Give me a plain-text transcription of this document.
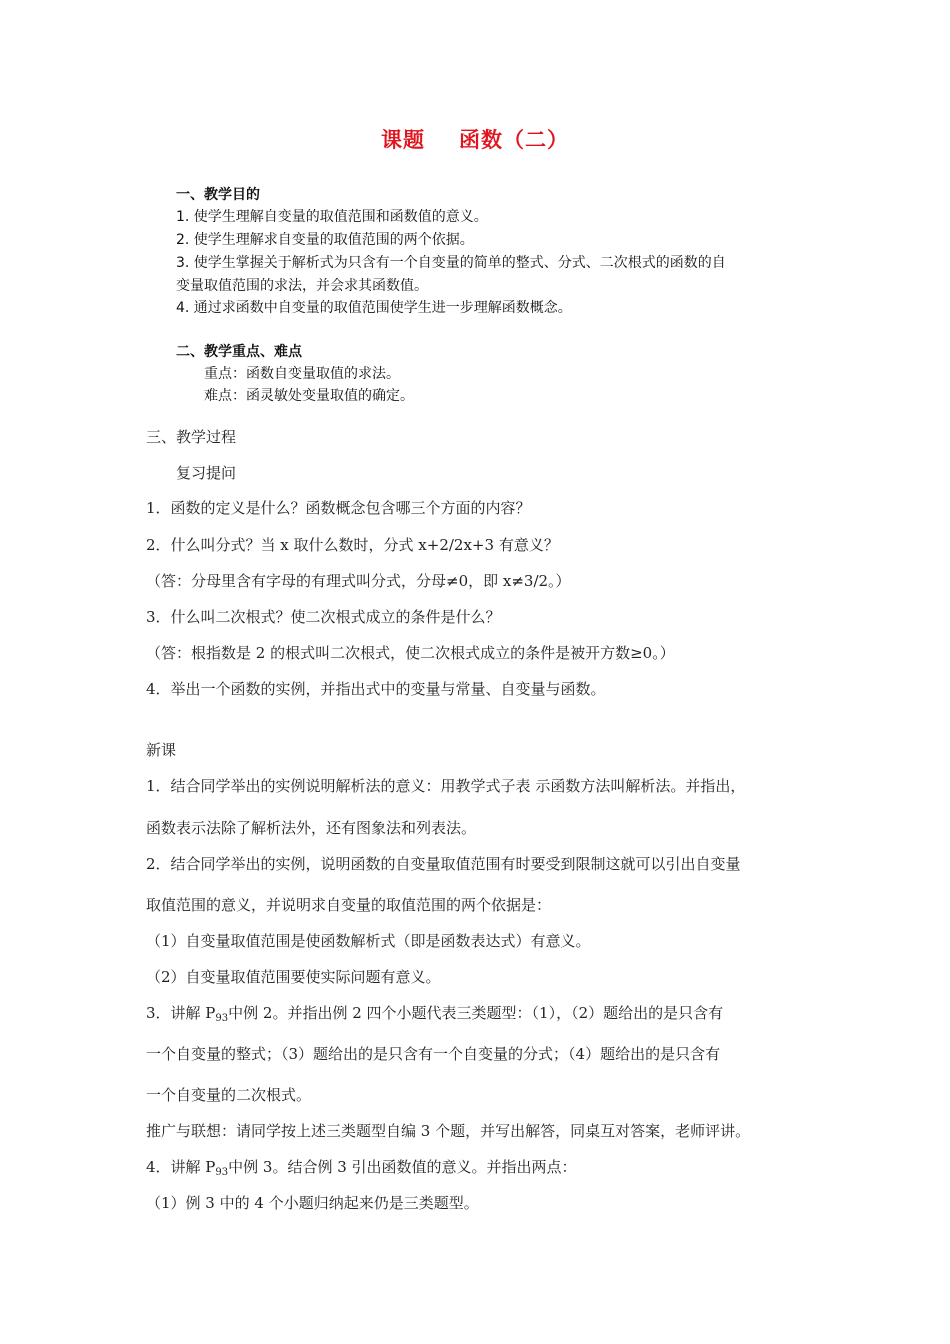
课题 函数（二）
一、教学目的
1. 使学生理解自变量的取值范围和函数值的意义。
2. 使学生理解求自变量的取值范围的两个依据。
3. 使学生掌握关于解析式为只含有一个自变量的简单的整式、分式、二次根式的函数的自
变量取值范围的求法，并会求其函数值。
4. 通过求函数中自变量的取值范围使学生进一步理解函数概念。
二、教学重点、难点
重点：函数自变量取值的求法。
难点：函灵敏处变量取值的确定。
三、教学过程
复习提问
1．函数的定义是什么？函数概念包含哪三个方面的内容？
2．什么叫分式？当 x 取什么数时，分式 x+2/2x+3 有意义？
（答：分母里含有字母的有理式叫分式，分母≠0，即 x≠3/2。）
3．什么叫二次根式？使二次根式成立的条件是什么？
（答：根指数是 2 的根式叫二次根式，使二次根式成立的条件是被开方数≥0。）
4．举出一个函数的实例，并指出式中的变量与常量、自变量与函数。
新课
1．结合同学举出的实例说明解析法的意义：用教学式子表 示函数方法叫解析法。并指出，
函数表示法除了解析法外，还有图象法和列表法。
2．结合同学举出的实例，说明函数的自变量取值范围有时要受到限制这就可以引出自变量
取值范围的意义，并说明求自变量的取值范围的两个依据是：
（1）自变量取值范围是使函数解析式（即是函数表达式）有意义。
（2）自变量取值范围要使实际问题有意义。
3．讲解 $P_{93}$中例 2。并指出例 2 四个小题代表三类题型：（1），（2）题给出的是只含有
一个自变量的整式；（3）题给出的是只含有一个自变量的分式；（4）题给出的是只含有
一个自变量的二次根式。
推广与联想：请同学按上述三类题型自编 3 个题，并写出解答，同桌互对答案，老师评讲。
4．讲解 $P_{93}$中例 3。结合例 3 引出函数值的意义。并指出两点：
（1）例 3 中的 4 个小题归纳起来仍是三类题型。
